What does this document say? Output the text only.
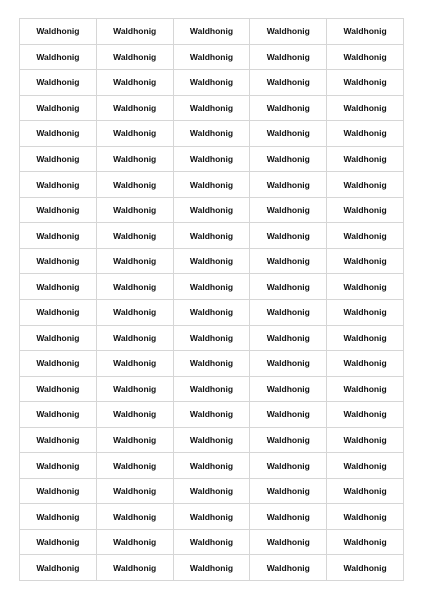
Waldhonig	Waldhonig	Waldhonig	Waldhonig	Waldhonig
Waldhonig	Waldhonig	Waldhonig	Waldhonig	Waldhonig
Waldhonig	Waldhonig	Waldhonig	Waldhonig	Waldhonig
Waldhonig	Waldhonig	Waldhonig	Waldhonig	Waldhonig
Waldhonig	Waldhonig	Waldhonig	Waldhonig	Waldhonig
Waldhonig	Waldhonig	Waldhonig	Waldhonig	Waldhonig
Waldhonig	Waldhonig	Waldhonig	Waldhonig	Waldhonig
Waldhonig	Waldhonig	Waldhonig	Waldhonig	Waldhonig
Waldhonig	Waldhonig	Waldhonig	Waldhonig	Waldhonig
Waldhonig	Waldhonig	Waldhonig	Waldhonig	Waldhonig
Waldhonig	Waldhonig	Waldhonig	Waldhonig	Waldhonig
Waldhonig	Waldhonig	Waldhonig	Waldhonig	Waldhonig
Waldhonig	Waldhonig	Waldhonig	Waldhonig	Waldhonig
Waldhonig	Waldhonig	Waldhonig	Waldhonig	Waldhonig
Waldhonig	Waldhonig	Waldhonig	Waldhonig	Waldhonig
Waldhonig	Waldhonig	Waldhonig	Waldhonig	Waldhonig
Waldhonig	Waldhonig	Waldhonig	Waldhonig	Waldhonig
Waldhonig	Waldhonig	Waldhonig	Waldhonig	Waldhonig
Waldhonig	Waldhonig	Waldhonig	Waldhonig	Waldhonig
Waldhonig	Waldhonig	Waldhonig	Waldhonig	Waldhonig
Waldhonig	Waldhonig	Waldhonig	Waldhonig	Waldhonig
Waldhonig	Waldhonig	Waldhonig	Waldhonig	Waldhonig
